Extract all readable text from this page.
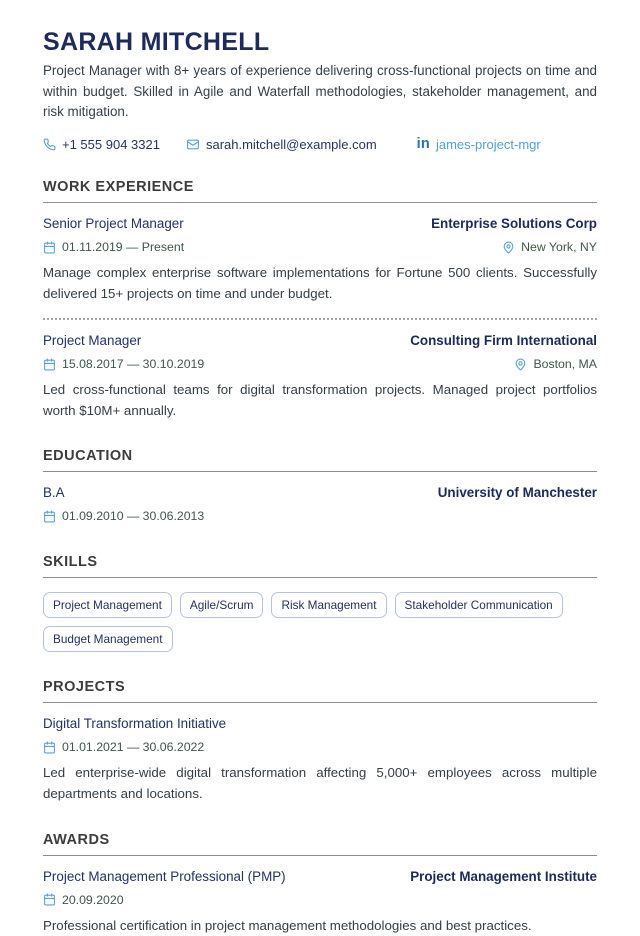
SARAH MITCHELL
Project Manager with 8+ years of experience delivering cross-functional projects on time and within budget. Skilled in Agile and Waterfall methodologies, stakeholder management, and risk mitigation.
+1 555 904 3321	sarah.mitchell@example.com	in james-project-mgr
WORK EXPERIENCE
Senior Project Manager	Enterprise Solutions Corp
01.11.2019 — Present	New York, NY
Manage complex enterprise software implementations for Fortune 500 clients. Successfully delivered 15+ projects on time and under budget.
Project Manager	Consulting Firm International
15.08.2017 — 30.10.2019	Boston, MA
Led cross-functional teams for digital transformation projects. Managed project portfolios worth $10M+ annually.
EDUCATION
B.A	University of Manchester
01.09.2010 — 30.06.2013
SKILLS
Project Management	Agile/Scrum	Risk Management	Stakeholder Communication
Budget Management
PROJECTS
Digital Transformation Initiative
01.01.2021 — 30.06.2022
Led enterprise-wide digital transformation affecting 5,000+ employees across multiple departments and locations.
AWARDS
Project Management Professional (PMP)	Project Management Institute
20.09.2020
Professional certification in project management methodologies and best practices.
